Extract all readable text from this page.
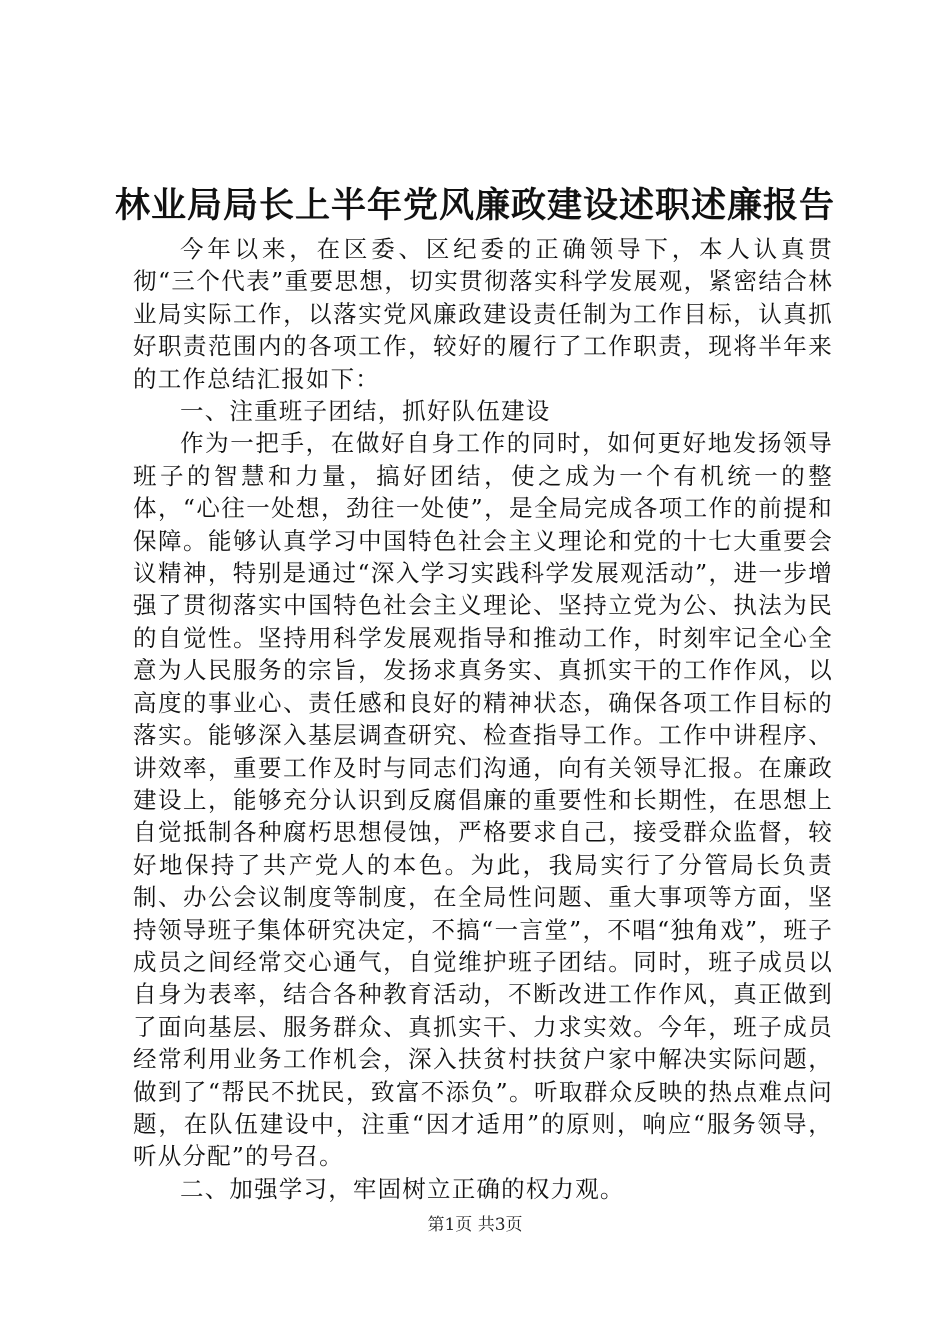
林业局局长上半年党风廉政建设述职述廉报告

今年以来，在区委、区纪委的正确领导下，本人认真贯彻“三个代表”重要思想，切实贯彻落实科学发展观，紧密结合林业局实际工作，以落实党风廉政建设责任制为工作目标，认真抓好职责范围内的各项工作，较好的履行了工作职责，现将半年来的工作总结汇报如下：

一、注重班子团结，抓好队伍建设

作为一把手，在做好自身工作的同时，如何更好地发扬领导班子的智慧和力量，搞好团结，使之成为一个有机统一的整体，“心往一处想，劲往一处使”，是全局完成各项工作的前提和保障。能够认真学习中国特色社会主义理论和党的十七大重要会议精神，特别是通过“深入学习实践科学发展观活动”，进一步增强了贯彻落实中国特色社会主义理论、坚持立党为公、执法为民的自觉性。坚持用科学发展观指导和推动工作，时刻牢记全心全意为人民服务的宗旨，发扬求真务实、真抓实干的工作作风，以高度的事业心、责任感和良好的精神状态，确保各项工作目标的落实。能够深入基层调查研究、检查指导工作。工作中讲程序、讲效率，重要工作及时与同志们沟通，向有关领导汇报。在廉政建设上，能够充分认识到反腐倡廉的重要性和长期性，在思想上自觉抵制各种腐朽思想侵蚀，严格要求自己，接受群众监督，较好地保持了共产党人的本色。为此，我局实行了分管局长负责制、办公会议制度等制度，在全局性问题、重大事项等方面，坚持领导班子集体研究决定，不搞“一言堂”，不唱“独角戏”，班子成员之间经常交心通气，自觉维护班子团结。同时，班子成员以自身为表率，结合各种教育活动，不断改进工作作风，真正做到了面向基层、服务群众、真抓实干、力求实效。今年，班子成员经常利用业务工作机会，深入扶贫村扶贫户家中解决实际问题，做到了“帮民不扰民，致富不添负”。听取群众反映的热点难点问题，在队伍建设中，注重“因才适用”的原则，响应“服务领导，听从分配”的号召。

二、加强学习，牢固树立正确的权力观。

第1页 共3页
